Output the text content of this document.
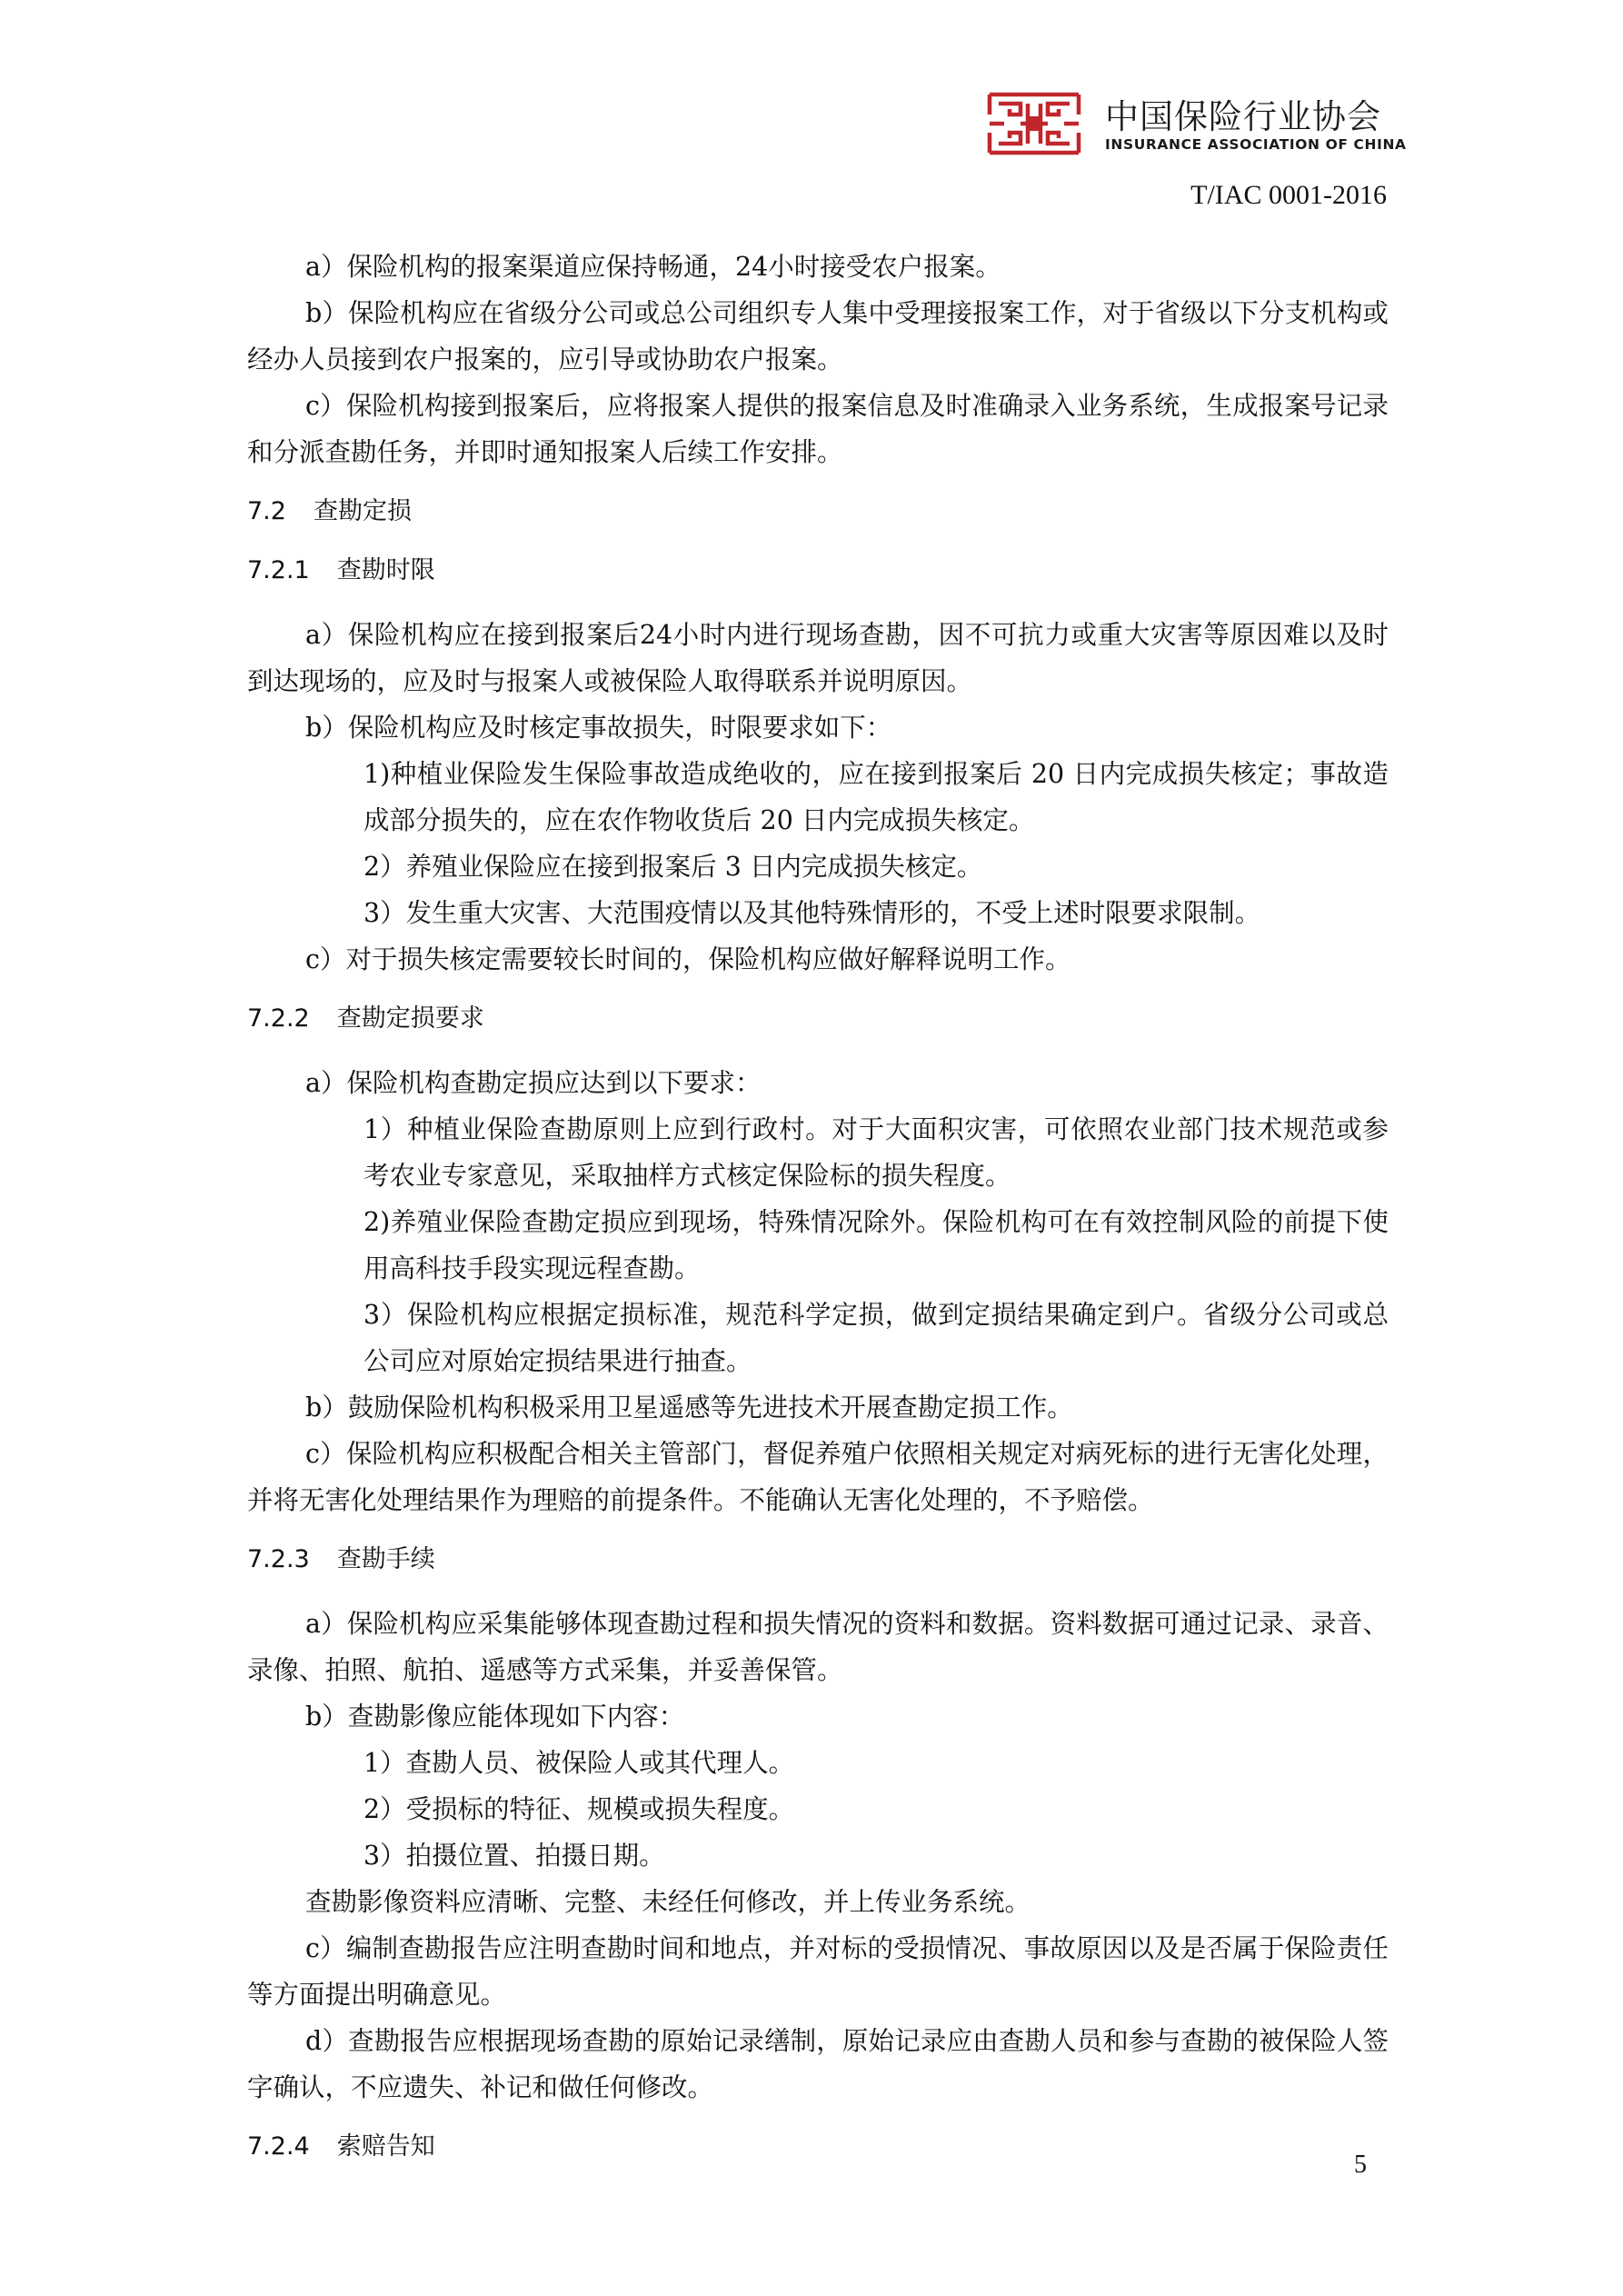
中国保险行业协会
INSURANCE ASSOCIATION OF CHINA
T/IAC 0001-2016

a）保险机构的报案渠道应保持畅通，24小时接受农户报案。

b）保险机构应在省级分公司或总公司组织专人集中受理接报案工作，对于省级以下分支机构或经办人员接到农户报案的，应引导或协助农户报案。

c）保险机构接到报案后，应将报案人提供的报案信息及时准确录入业务系统，生成报案号记录和分派查勘任务，并即时通知报案人后续工作安排。

7.2 查勘定损

7.2.1 查勘时限

a）保险机构应在接到报案后24小时内进行现场查勘，因不可抗力或重大灾害等原因难以及时到达现场的，应及时与报案人或被保险人取得联系并说明原因。

b）保险机构应及时核定事故损失，时限要求如下：

1)种植业保险发生保险事故造成绝收的，应在接到报案后 20 日内完成损失核定；事故造成部分损失的，应在农作物收货后 20 日内完成损失核定。

2）养殖业保险应在接到报案后 3 日内完成损失核定。

3）发生重大灾害、大范围疫情以及其他特殊情形的，不受上述时限要求限制。

c）对于损失核定需要较长时间的，保险机构应做好解释说明工作。

7.2.2 查勘定损要求

a）保险机构查勘定损应达到以下要求：

1）种植业保险查勘原则上应到行政村。对于大面积灾害，可依照农业部门技术规范或参考农业专家意见，采取抽样方式核定保险标的损失程度。

2)养殖业保险查勘定损应到现场，特殊情况除外。保险机构可在有效控制风险的前提下使用高科技手段实现远程查勘。

3）保险机构应根据定损标准，规范科学定损，做到定损结果确定到户。省级分公司或总公司应对原始定损结果进行抽查。

b）鼓励保险机构积极采用卫星遥感等先进技术开展查勘定损工作。

c）保险机构应积极配合相关主管部门，督促养殖户依照相关规定对病死标的进行无害化处理，并将无害化处理结果作为理赔的前提条件。不能确认无害化处理的，不予赔偿。

7.2.3 查勘手续

a）保险机构应采集能够体现查勘过程和损失情况的资料和数据。资料数据可通过记录、录音、录像、拍照、航拍、遥感等方式采集，并妥善保管。

b）查勘影像应能体现如下内容：

1）查勘人员、被保险人或其代理人。

2）受损标的特征、规模或损失程度。

3）拍摄位置、拍摄日期。

查勘影像资料应清晰、完整、未经任何修改，并上传业务系统。

c）编制查勘报告应注明查勘时间和地点，并对标的受损情况、事故原因以及是否属于保险责任等方面提出明确意见。

d）查勘报告应根据现场查勘的原始记录缮制，原始记录应由查勘人员和参与查勘的被保险人签字确认，不应遗失、补记和做任何修改。

7.2.4 索赔告知

5
